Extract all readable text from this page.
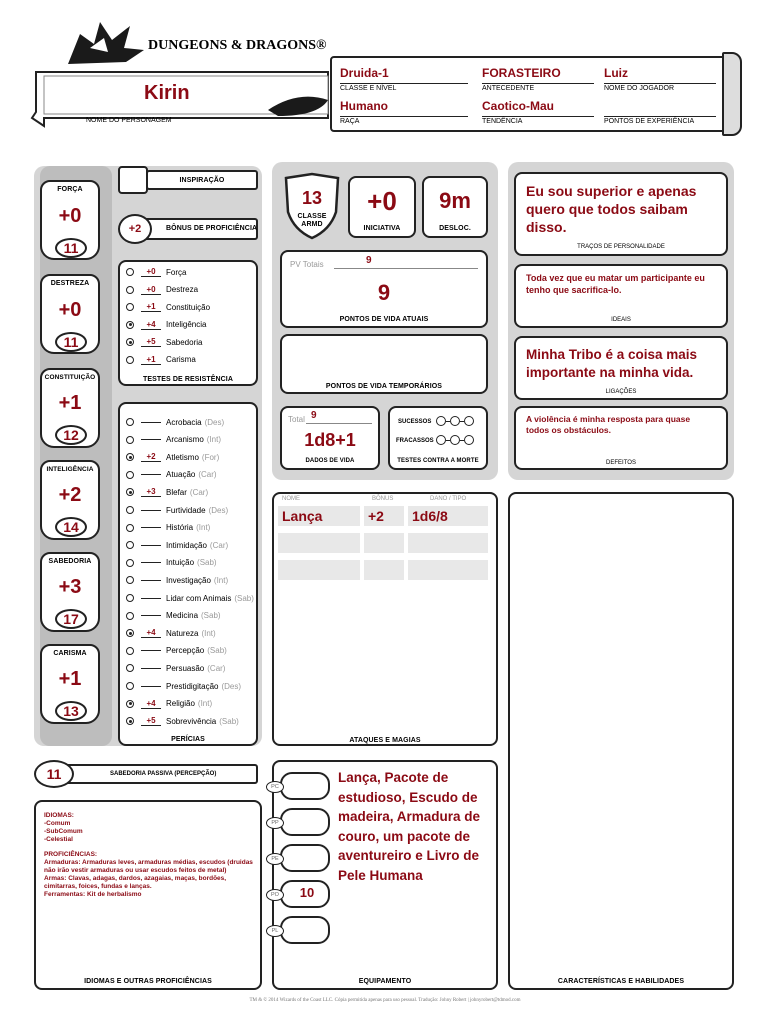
DUNGEONS & DRAGONS®
Kirin
NOME DO PERSONAGEM
Druida-1
CLASSE E NÍVEL
FORASTEIRO
ANTECEDENTE
Luiz
NOME DO JOGADOR
Humano
RAÇA
Caotico-Mau
TENDÊNCIA	PONTOS DE EXPERIÊNCIA
FORÇA
+0
11
DESTREZA
+0
11
CONSTITUIÇÃO
+1
12
INTELIGÊNCIA
+2
14
SABEDORIA
+3
17
CARISMA
+1
13
INSPIRAÇÃO
+2	BÔNUS DE PROFICIÊNCIA
+0	Força
+0	Destreza
+1	Constituição
+4	Inteligência
+5	Sabedoria
+1	Carisma
TESTES DE RESISTÊNCIA
Acrobacia (Des)
Arcanismo (Int)
+2	Atletismo (For)
Atuação (Car)
+3	Blefar (Car)
Furtividade (Des)
História (Int)
Intimidação (Car)
Intuição (Sab)
Investigação (Int)
Lidar com Animais (Sab)
Medicina (Sab)
+4	Natureza (Int)
Percepção (Sab)
Persuasão (Car)
Prestidigitação (Des)
+4	Religião (Int)
+5	Sobrevivência (Sab)
PERÍCIAS
11	SABEDORIA PASSIVA (PERCEPÇÃO)
IDIOMAS:
-Comum
-SubComum
-Celestial
PROFICIÊNCIAS:
Armaduras: Armaduras leves, armaduras médias, escudos (druidas não irão vestir armaduras ou usar escudos feitos de metal)
Armas: Clavas, adagas, dardos, azagaias, maças, bordões, cimitarras, foices, fundas e lanças.
Ferramentas: Kit de herbalismo
IDIOMAS E OUTRAS PROFICIÊNCIAS
13
CLASSE
ARMD
+0
INICIATIVA
9m
DESLOC.
PV Totais	9
9
PONTOS DE VIDA ATUAIS
PONTOS DE VIDA TEMPORÁRIOS
Total 9
1d8+1
DADOS DE VIDA
SUCESSOS
FRACASSOS
TESTES CONTRA A MORTE
NOME	BÔNUS	DANO / TIPO
Lança	+2	1d6/8
ATAQUES E MAGIAS
PC
PP
PE
PO	10
PL
Lança, Pacote de estudioso, Escudo de madeira, Armadura de couro, um pacote de aventureiro e Livro de Pele Humana
EQUIPAMENTO
Eu sou superior e apenas quero que todos saibam disso.
TRAÇOS DE PERSONALIDADE
Toda vez que eu matar um participante eu tenho que sacrifica-lo.
IDEAIS
Minha Tribo é a coisa mais importante na minha vida.
LIGAÇÕES
A violência é minha resposta para quase todos os obstáculos.
DEFEITOS
CARACTERÍSTICAS E HABILIDADES
TM & © 2014 Wizards of the Coast LLC. Cópia permitida apenas para uso pessoal. Tradução: Johny Robert | johnyrobert@tdmod.com
